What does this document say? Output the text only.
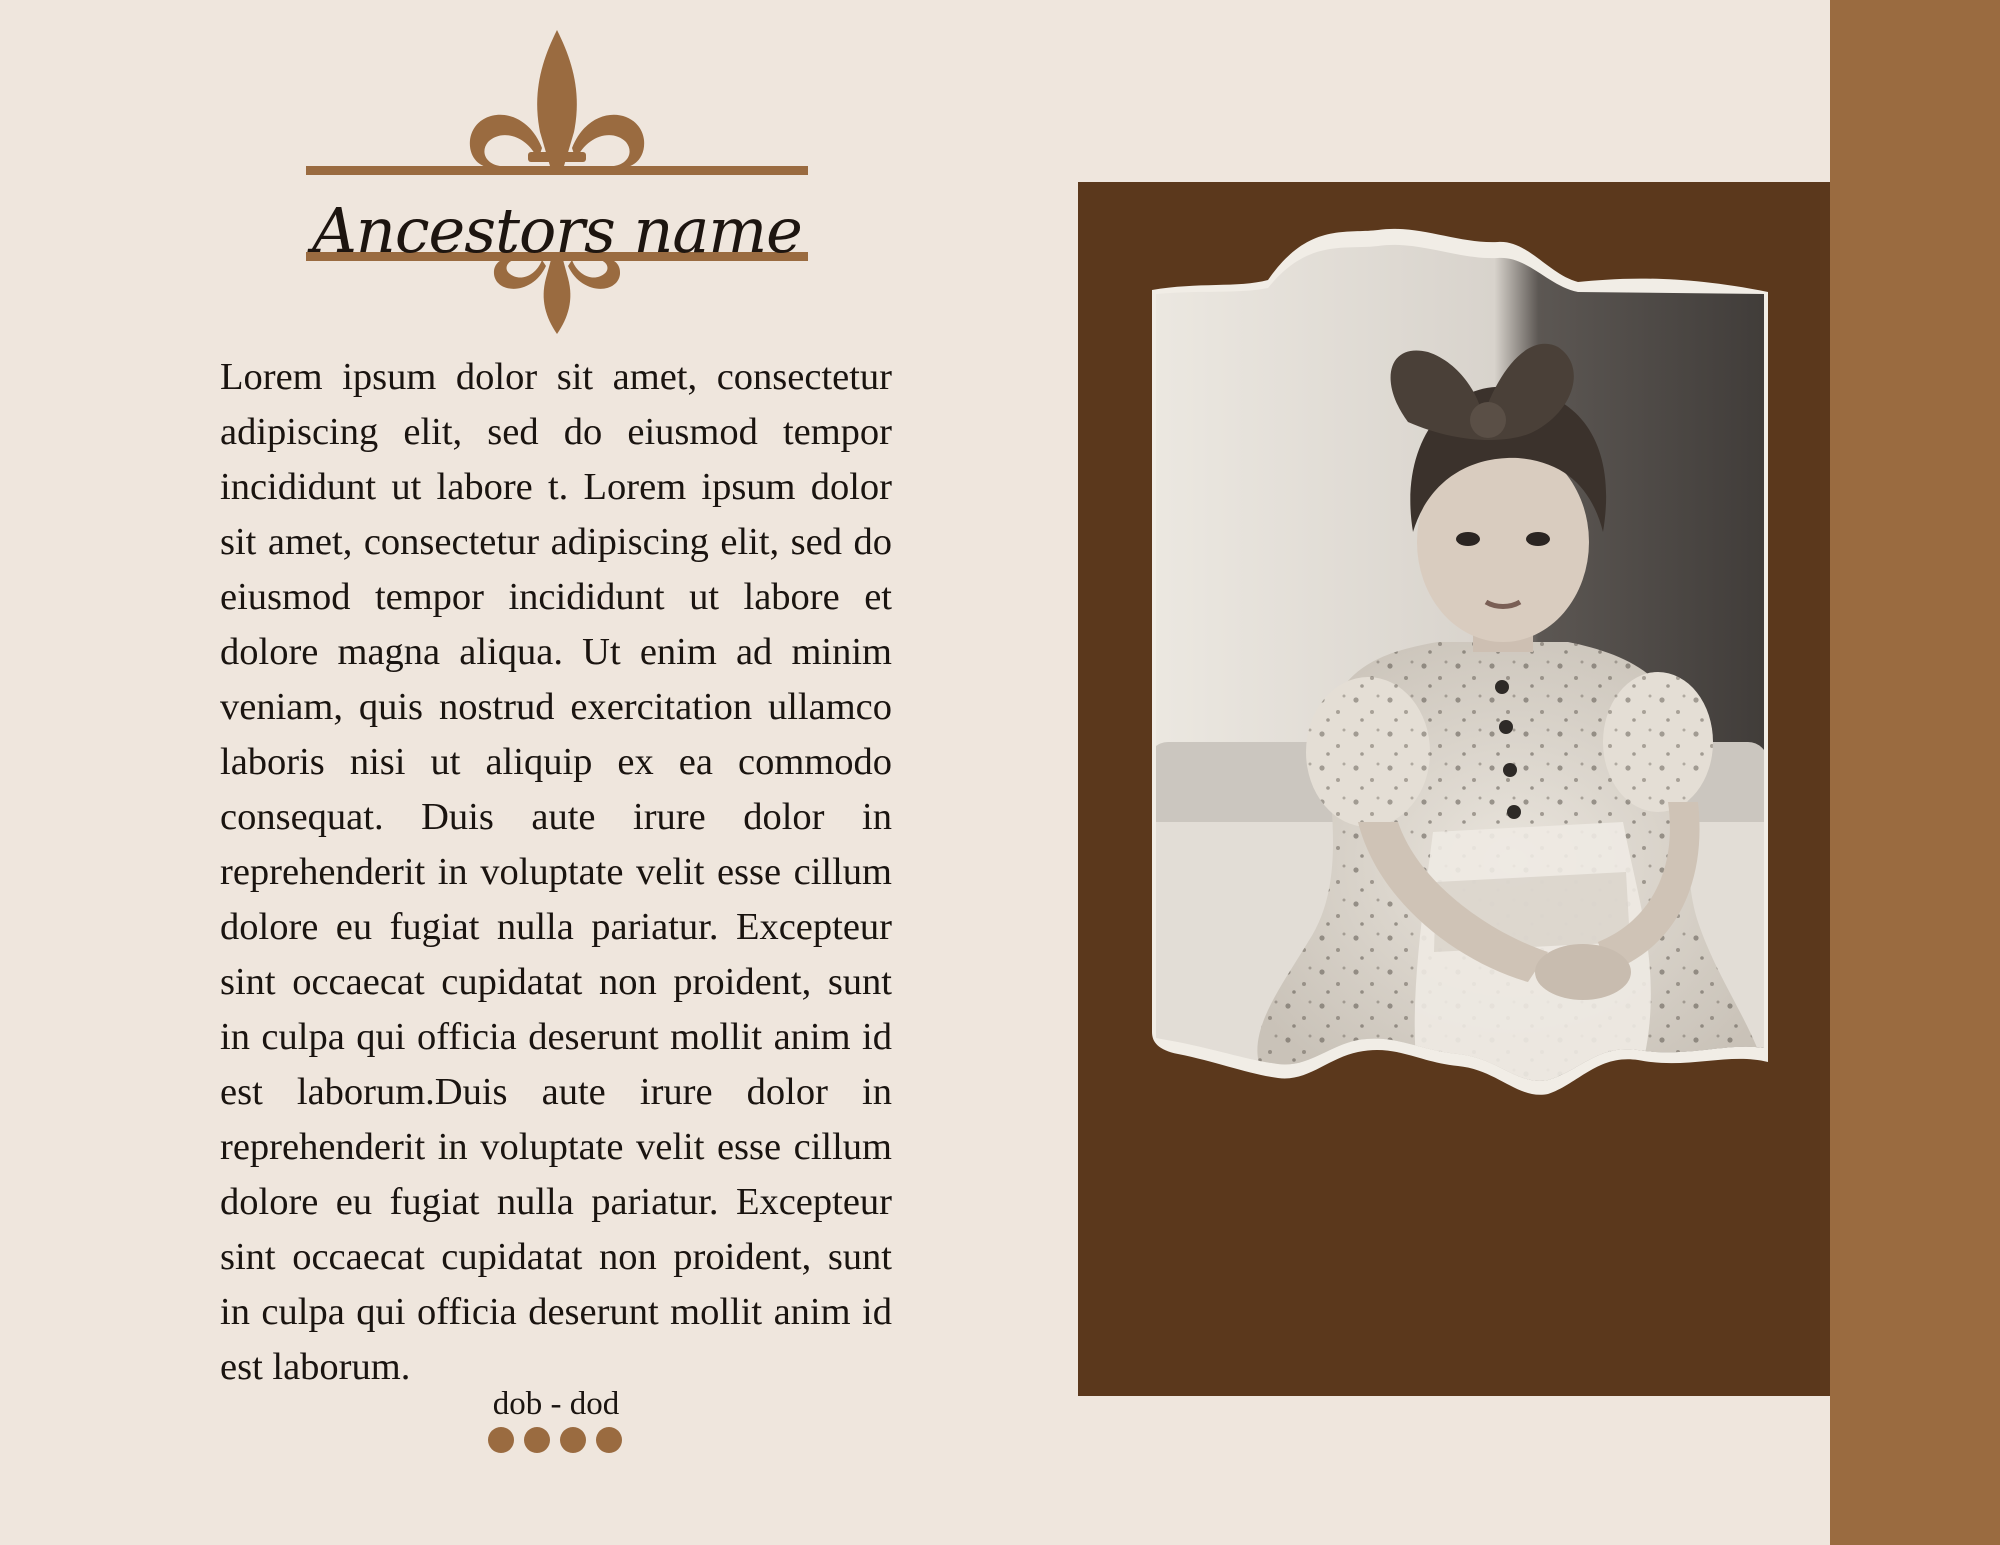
Ancestors name

Lorem ipsum dolor sit amet, consectetur adipiscing elit, sed do eiusmod tempor incididunt ut labore t. Lorem ipsum dolor sit amet, consectetur adipiscing elit, sed do eiusmod tempor incididunt ut labore et dolore magna aliqua. Ut enim ad minim veniam, quis nostrud exercitation ullamco laboris nisi ut aliquip ex ea commodo consequat. Duis aute irure dolor in reprehenderit in voluptate velit esse cillum dolore eu fugiat nulla pariatur. Excepteur sint occaecat cupidatat non proident, sunt in culpa qui officia deserunt mollit anim id est laborum.Duis aute irure dolor in reprehenderit in voluptate velit esse cillum dolore eu fugiat nulla pariatur. Excepteur sint occaecat cupidatat non proident, sunt in culpa qui officia deserunt mollit anim id est laborum.

dob - dod
